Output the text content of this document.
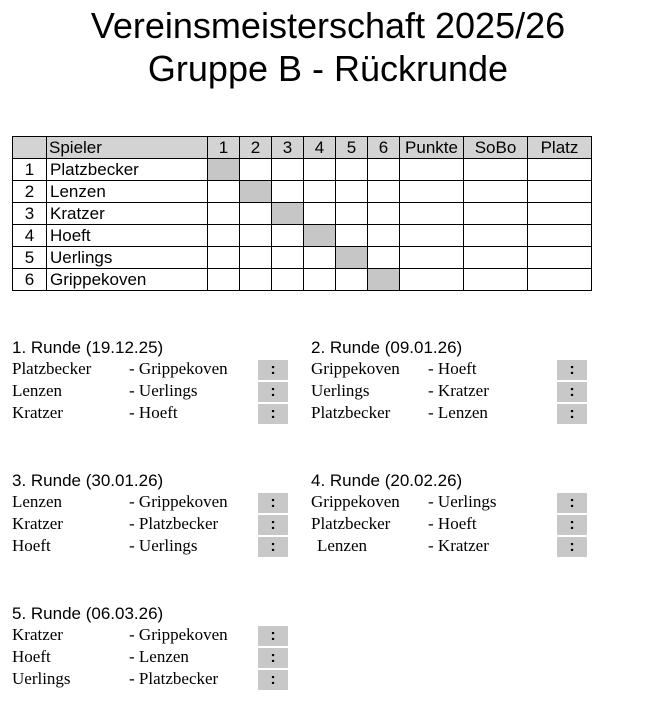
Vereinsmeisterschaft 2025/26
Gruppe B - Rückrunde
	Spieler	1	2	3	4	5	6	Punkte	SoBo	Platz
1	Platzbecker									
2	Lenzen									
3	Kratzer									
4	Hoeft									
5	Uerlings									
6	Grippekoven									
1. Runde (19.12.25)
Platzbecker - Grippekoven	:
Lenzen	- Uerlings	:
Kratzer	- Hoeft	:
2. Runde (09.01.26)
Grippekoven - Hoeft	:
Uerlings	- Kratzer	:
Platzbecker - Lenzen	:
3. Runde (30.01.26)
Lenzen	- Grippekoven	:
Kratzer	- Platzbecker	:
Hoeft	- Uerlings	:
4. Runde (20.02.26)
Grippekoven - Uerlings	:
Platzbecker - Hoeft	:
Lenzen	- Kratzer	:
5. Runde (06.03.26)
Kratzer	- Grippekoven	:
Hoeft	- Lenzen	:
Uerlings	- Platzbecker	:
